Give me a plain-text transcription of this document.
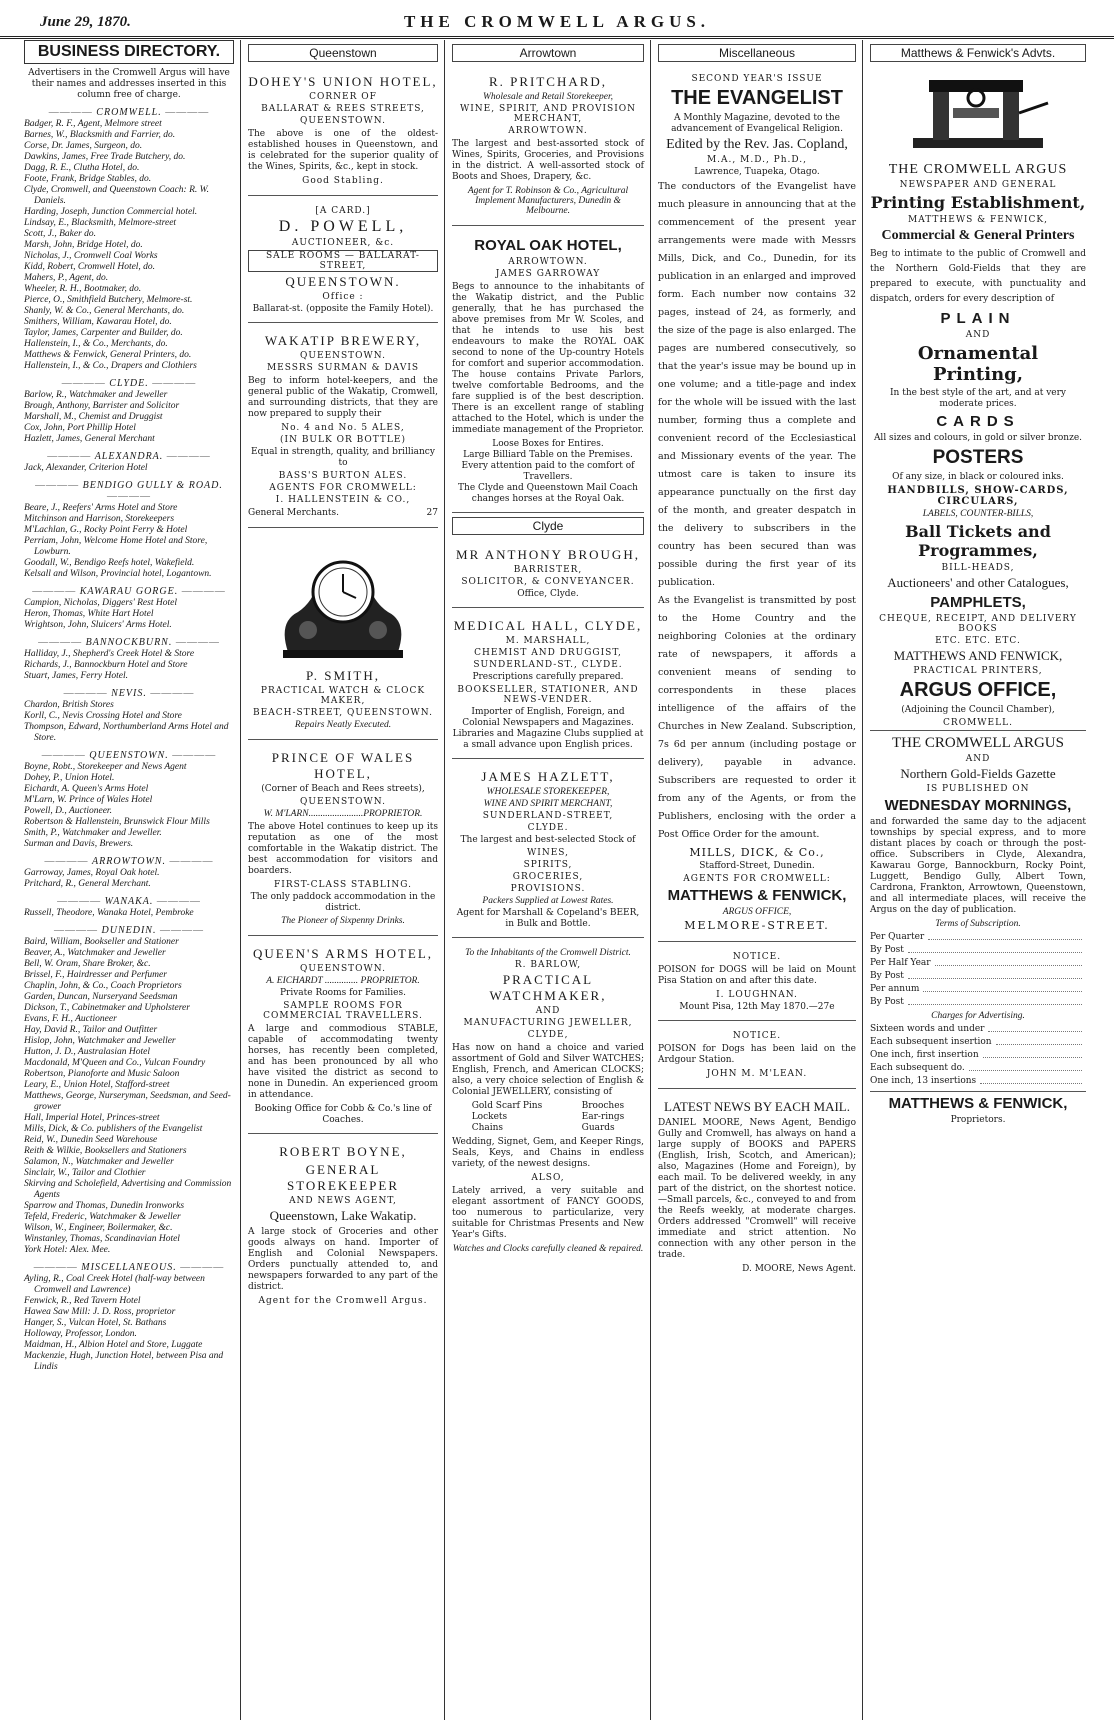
June 29, 1870.	THE CROMWELL ARGUS.
BUSINESS DIRECTORY.
Advertisers in the Cromwell Argus will have their names and addresses inserted in this column free of charge.
———— CROMWELL. ————
Badger, R. F., Agent, Melmore street
Barnes, W., Blacksmith and Farrier, do.
Corse, Dr. James, Surgeon, do.
Dawkins, James, Free Trade Butchery, do.
Dagg, R. E., Clutha Hotel, do.
Foote, Frank, Bridge Stables, do.
Clyde, Cromwell, and Queenstown Coach: R. W. Daniels.
Harding, Joseph, Junction Commercial hotel.
Lindsay, E., Blacksmith, Melmore-street
Scott, J., Baker do.
Marsh, John, Bridge Hotel, do.
Nicholas, J., Cromwell Coal Works
Kidd, Robert, Cromwell Hotel, do.
Mahers, P., Agent, do.
Wheeler, R. H., Bootmaker, do.
Pierce, O., Smithfield Butchery, Melmore-st.
Shanly, W. & Co., General Merchants, do.
Smithers, William, Kawarau Hotel, do.
Taylor, James, Carpenter and Builder, do.
Hallenstein, I., & Co., Merchants, do.
Matthews & Fenwick, General Printers, do.
Hallenstein, I., & Co., Drapers and Clothiers
———— CLYDE. ————
Barlow, R., Watchmaker and Jeweller
Brough, Anthony, Barrister and Solicitor
Marshall, M., Chemist and Druggist
Cox, John, Port Phillip Hotel
Hazlett, James, General Merchant
———— ALEXANDRA. ————
Jack, Alexander, Criterion Hotel
———— BENDIGO GULLY & ROAD. ————
Beare, J., Reefers' Arms Hotel and Store
Mitchinson and Harrison, Storekeepers
M'Lachlan, G., Rocky Point Ferry & Hotel
Perriam, John, Welcome Home Hotel and Store, Lowburn.
Goodall, W., Bendigo Reefs hotel, Wakefield.
Kelsall and Wilson, Provincial hotel, Logantown.
———— KAWARAU GORGE. ————
Campion, Nicholas, Diggers' Rest Hotel
Heron, Thomas, White Hart Hotel
Wrightson, John, Sluicers' Arms Hotel.
———— BANNOCKBURN. ————
Halliday, J., Shepherd's Creek Hotel & Store
Richards, J., Bannockburn Hotel and Store
Stuart, James, Ferry Hotel.
———— NEVIS. ————
Chardon, British Stores
Korll, C., Nevis Crossing Hotel and Store
Thompson, Edward, Northumberland Arms Hotel and Store.
———— QUEENSTOWN. ————
Boyne, Robt., Storekeeper and News Agent
Dohey, P., Union Hotel.
Eichardt, A. Queen's Arms Hotel
M'Larn, W. Prince of Wales Hotel
Powell, D., Auctioneer.
Robertson & Hallenstein, Brunswick Flour Mills
Smith, P., Watchmaker and Jeweller.
Surman and Davis, Brewers.
———— ARROWTOWN. ————
Garroway, James, Royal Oak hotel.
Pritchard, R., General Merchant.
———— WANAKA. ————
Russell, Theodore, Wanaka Hotel, Pembroke
———— DUNEDIN. ————
Baird, William, Bookseller and Stationer
Beaver, A., Watchmaker and Jeweller
Bell, W. Oram, Share Broker, &c.
Brissel, F., Hairdresser and Perfumer
Chaplin, John, & Co., Coach Proprietors
Garden, Duncan, Nurseryand Seedsman
Dickson, T., Cabinetmaker and Upholsterer
Evans, F. H., Auctioneer
Hay, David R., Tailor and Outfitter
Hislop, John, Watchmaker and Jeweller
Hutton, J. D., Australasian Hotel
Macdonald, M'Queen and Co., Vulcan Foundry
Robertson, Pianoforte and Music Saloon
Leary, E., Union Hotel, Stafford-street
Matthews, George, Nurseryman, Seedsman, and Seed-grower
Hall, Imperial Hotel, Princes-street
Mills, Dick, & Co. publishers of the Evangelist
Reid, W., Dunedin Seed Warehouse
Reith & Wilkie, Booksellers and Stationers
Salamon, N., Watchmaker and Jeweller
Sinclair, W., Tailor and Clothier
Skirving and Scholefield, Advertising and Commission Agents
Sparrow and Thomas, Dunedin Ironworks
Tefeld, Frederic, Watchmaker & Jeweller
Wilson, W., Engineer, Boilermaker, &c.
Winstanley, Thomas, Scandinavian Hotel
York Hotel: Alex. Mee.
———— MISCELLANEOUS. ————
Ayling, R., Coal Creek Hotel (half-way between Cromwell and Lawrence)
Fenwick, R., Red Tavern Hotel
Hawea Saw Mill: J. D. Ross, proprietor
Hanger, S., Vulcan Hotel, St. Bathans
Holloway, Professor, London.
Maidman, H., Albion Hotel and Store, Luggate
Mackenzie, Hugh, Junction Hotel, between Pisa and Lindis
Queenstown
DOHEY'S UNION HOTEL,
CORNER OF
BALLARAT & REES STREETS,
QUEENSTOWN.
The above is one of the oldest-established houses in Queenstown, and is celebrated for the superior quality of the Wines, Spirits, &c., kept in stock.
Good Stabling.
[A CARD.]
D. POWELL,
AUCTIONEER, &c.
SALE ROOMS — BALLARAT-STREET,
QUEENSTOWN.
Office :
Ballarat-st. (opposite the Family Hotel).
WAKATIP BREWERY,
QUEENSTOWN.
MESSRS SURMAN & DAVIS
Beg to inform hotel-keepers, and the general public of the Wakatip, Cromwell, and surrounding districts, that they are now prepared to supply their
No. 4 and No. 5 ALES,
(IN BULK OR BOTTLE)
Equal in strength, quality, and brilliancy to
BASS'S BURTON ALES.
AGENTS FOR CROMWELL:
I. HALLENSTEIN & CO.,
General Merchants.	27
P. SMITH,
PRACTICAL WATCH & CLOCK MAKER,
BEACH-STREET, QUEENSTOWN.
Repairs Neatly Executed.
PRINCE OF WALES HOTEL,
(Corner of Beach and Rees streets),
QUEENSTOWN.
W. M'LARN.......................PROPRIETOR.
The above Hotel continues to keep up its reputation as one of the most comfortable in the Wakatip district. The best accommodation for visitors and boarders.
FIRST-CLASS STABLING.
The only paddock accommodation in the district.
The Pioneer of Sixpenny Drinks.
QUEEN'S ARMS HOTEL,
QUEENSTOWN.
A. EICHARDT .............. PROPRIETOR.
Private Rooms for Families.
SAMPLE ROOMS FOR COMMERCIAL TRAVELLERS.
A large and commodious STABLE, capable of accommodating twenty horses, has recently been completed, and has been pronounced by all who have visited the district as second to none in Dunedin. An experienced groom in attendance.
Booking Office for Cobb & Co.'s line of Coaches.
ROBERT BOYNE,
GENERAL STOREKEEPER
AND NEWS AGENT,
Queenstown, Lake Wakatip.
A large stock of Groceries and other goods always on hand. Importer of English and Colonial Newspapers. Orders punctually attended to, and newspapers forwarded to any part of the district.
Agent for the Cromwell Argus.
Arrowtown
R. PRITCHARD,
Wholesale and Retail Storekeeper,
WINE, SPIRIT, AND PROVISION MERCHANT,
ARROWTOWN.
The largest and best-assorted stock of Wines, Spirits, Groceries, and Provisions in the district. A well-assorted stock of Boots and Shoes, Drapery, &c.
Agent for T. Robinson & Co., Agricultural Implement Manufacturers, Dunedin & Melbourne.
ROYAL OAK HOTEL,
ARROWTOWN.
JAMES GARROWAY
Begs to announce to the inhabitants of the Wakatip district, and the Public generally, that he has purchased the above premises from Mr W. Scoles, and that he intends to use his best endeavours to make the ROYAL OAK second to none of the Up-country Hotels for comfort and superior accommodation. The house contains Private Parlors, twelve comfortable Bedrooms, and the fare supplied is of the best description. There is an excellent range of stabling attached to the Hotel, which is under the immediate management of the Proprietor.
Loose Boxes for Entires.
Large Billiard Table on the Premises.
Every attention paid to the comfort of Travellers.
The Clyde and Queenstown Mail Coach changes horses at the Royal Oak.
Clyde
MR ANTHONY BROUGH,
BARRISTER,
SOLICITOR, & CONVEYANCER.
Office, Clyde.
MEDICAL HALL, CLYDE,
M. MARSHALL,
CHEMIST AND DRUGGIST,
SUNDERLAND-ST., CLYDE.
Prescriptions carefully prepared.
BOOKSELLER, STATIONER, AND NEWS-VENDER.
Importer of English, Foreign, and Colonial Newspapers and Magazines.
Libraries and Magazine Clubs supplied at a small advance upon English prices.
JAMES HAZLETT,
WHOLESALE STOREKEEPER,
WINE AND SPIRIT MERCHANT,
SUNDERLAND-STREET,
CLYDE.
The largest and best-selected Stock of
WINES,
SPIRITS,
GROCERIES,
PROVISIONS.
Packers Supplied at Lowest Rates.
Agent for Marshall & Copeland's BEER, in Bulk and Bottle.
To the Inhabitants of the Cromwell District.
R. BARLOW,
PRACTICAL WATCHMAKER,
AND
MANUFACTURING JEWELLER,
CLYDE,
Has now on hand a choice and varied assortment of Gold and Silver WATCHES; English, French, and American CLOCKS; also, a very choice selection of English & Colonial JEWELLERY, consisting of
Gold Scarf Pins
Lockets
Chains
Brooches
Ear-rings
Guards
Wedding, Signet, Gem, and Keeper Rings, Seals, Keys, and Chains in endless variety, of the newest designs.
ALSO,
Lately arrived, a very suitable and elegant assortment of FANCY GOODS, too numerous to particularize, very suitable for Christmas Presents and New Year's Gifts.
Watches and Clocks carefully cleaned & repaired.
Miscellaneous
SECOND YEAR'S ISSUE
THE EVANGELIST
A Monthly Magazine, devoted to the advancement of Evangelical Religion.
Edited by the Rev. Jas. Copland,
M.A., M.D., Ph.D.,
Lawrence, Tuapeka, Otago.
The conductors of the Evangelist have much pleasure in announcing that at the commencement of the present year arrangements were made with Messrs Mills, Dick, and Co., Dunedin, for its publication in an enlarged and improved form. Each number now contains 32 pages, instead of 24, as formerly, and the size of the page is also enlarged. The pages are numbered consecutively, so that the year's issue may be bound up in one volume; and a title-page and index for the whole will be issued with the last number, forming thus a complete and convenient record of the Ecclesiastical and Missionary events of the year. The utmost care is taken to insure its appearance punctually on the first day of the month, and greater despatch in the delivery to subscribers in the country has been secured than was possible during the first year of its publication.
As the Evangelist is transmitted by post to the Home Country and the neighboring Colonies at the ordinary rate of newspapers, it affords a convenient means of sending to correspondents in these places intelligence of the affairs of the Churches in New Zealand. Subscription, 7s 6d per annum (including postage or delivery), payable in advance. Subscribers are requested to order it from any of the Agents, or from the Publishers, enclosing with the order a Post Office Order for the amount.
MILLS, DICK, & Co.,
Stafford-Street, Dunedin.
AGENTS FOR CROMWELL:
MATTHEWS & FENWICK,
ARGUS OFFICE,
MELMORE-STREET.
NOTICE.
POISON for DOGS will be laid on Mount Pisa Station on and after this date.
I. LOUGHNAN.
Mount Pisa, 12th May 1870.—27e
NOTICE.
POISON for Dogs has been laid on the Ardgour Station.
JOHN M. M'LEAN.
LATEST NEWS BY EACH MAIL.
DANIEL MOORE, News Agent, Bendigo Gully and Cromwell, has always on hand a large supply of BOOKS and PAPERS (English, Irish, Scotch, and American); also, Magazines (Home and Foreign), by each mail. To be delivered weekly, in any part of the district, on the shortest notice.—Small parcels, &c., conveyed to and from the Reefs weekly, at moderate charges. Orders addressed "Cromwell" will receive immediate and strict attention. No connection with any other person in the trade.
D. MOORE, News Agent.
Matthews & Fenwick's Advts.
THE CROMWELL ARGUS
NEWSPAPER AND GENERAL
Printing Establishment,
MATTHEWS & FENWICK,
Commercial & General Printers
Beg to intimate to the public of Cromwell and the Northern Gold-Fields that they are prepared to execute, with punctuality and dispatch, orders for every description of
PLAIN
AND
Ornamental Printing,
In the best style of the art, and at very moderate prices.
CARDS
All sizes and colours, in gold or silver bronze.
POSTERS
Of any size, in black or coloured inks.
HANDBILLS, SHOW-CARDS, CIRCULARS,
LABELS, COUNTER-BILLS,
Ball Tickets and Programmes,
BILL-HEADS,
Auctioneers' and other Catalogues,
PAMPHLETS,
CHEQUE, RECEIPT, AND DELIVERY BOOKS
ETC. ETC. ETC.
MATTHEWS AND FENWICK,
PRACTICAL PRINTERS,
ARGUS OFFICE,
(Adjoining the Council Chamber),
CROMWELL.
THE CROMWELL ARGUS
AND
Northern Gold-Fields Gazette
IS PUBLISHED ON
WEDNESDAY MORNINGS,
and forwarded the same day to the adjacent townships by special express, and to more distant places by coach or through the post-office. Subscribers in Clyde, Alexandra, Kawarau Gorge, Bannockburn, Rocky Point, Luggett, Bendigo Gully, Albert Town, Cardrona, Frankton, Arrowtown, Queenstown, and all intermediate places, will receive the Argus on the day of publication.
Terms of Subscription.
Per Quarter
By Post
Per Half Year
By Post
Per annum
By Post
Charges for Advertising.
Sixteen words and under
Each subsequent insertion
One inch, first insertion
Each subsequent do.
One inch, 13 insertions
MATTHEWS & FENWICK,
Proprietors.
